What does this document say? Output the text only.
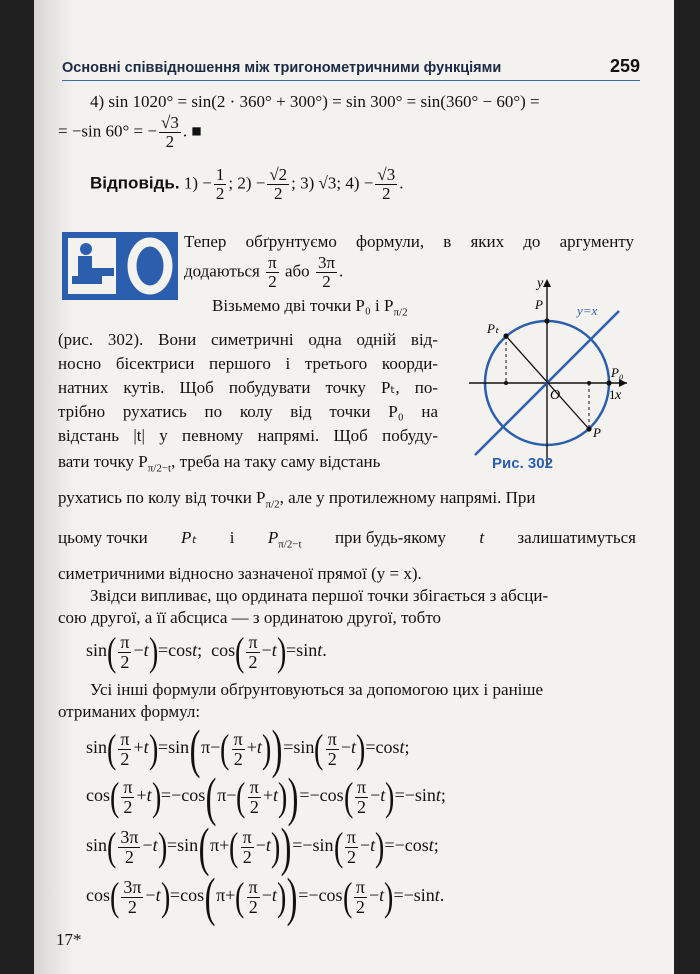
Основні співвідношення між тригонометричними функціями	259
4) sin 1020° = sin(2 · 360° + 300°) = sin 300° = sin(360° − 60°) =
= −sin 60° = − $\frac{√3}{2}$ . ■
Відповідь. $1) - \frac{1}{2}$ ; $2) - \frac{√2}{2}$ ; 3) √3; $4) - \frac{√3}{2}$ .
Тепер обґрунтуємо формули, в яких до аргументу
додаються $\frac{\pi}{2}$ або $\frac{3\pi}{2}$ .
Візьмемо дві точки P₀ і $P_{\pi/2}$
(рис. 302). Вони симетричні одна одній від-
носно бісектриси першого і третього коорди-
натних кутів. Щоб побудувати точку Pₜ, по-
трібно рухатись по колу від точки P₀ на
відстань |t| у певному напрямі. Щоб побуду-
вати точку $P_{\pi/2-t}$, треба на таку саму відстань
рухатись по колу від точки $P_{\pi/2}$, але у протилежному напрямі. При
цьому точки Pₜ і $P_{\pi/2-t}$ при будь-якому t залишатимуться
симетричними відносно зазначеної прямої (y = x).
Звідси випливає, що ордината першої точки збігається з абсци-
сою другої, а її абсциса — з ординатою другої, тобто
$\sin( \frac{\pi}{2} -t)=\cos t$;  $\cos( \frac{\pi}{2} -t)=\sin t$.
Усі інші формули обґрунтовуються за допомогою цих і раніше
отриманих формул:
$\sin( \frac{\pi}{2} +t)=\sin(\pi-( \frac{\pi}{2} +t))=\sin( \frac{\pi}{2} -t)=\cos t$;
$\cos( \frac{\pi}{2} +t)=-\cos(\pi-( \frac{\pi}{2} +t))=-\cos( \frac{\pi}{2} -t)=-\sin t$;
$\sin( \frac{3\pi}{2} -t)=\sin(\pi+( \frac{\pi}{2} -t))=-\sin( \frac{\pi}{2} -t)=-\cos t$;
$\cos( \frac{3\pi}{2} -t)=\cos(\pi+( \frac{\pi}{2} -t))=-\cos( \frac{\pi}{2} -t)=-\sin t$.
y
x
y=x
O	1
P₀
Pₜ
P
P
Рис. 302
17*
